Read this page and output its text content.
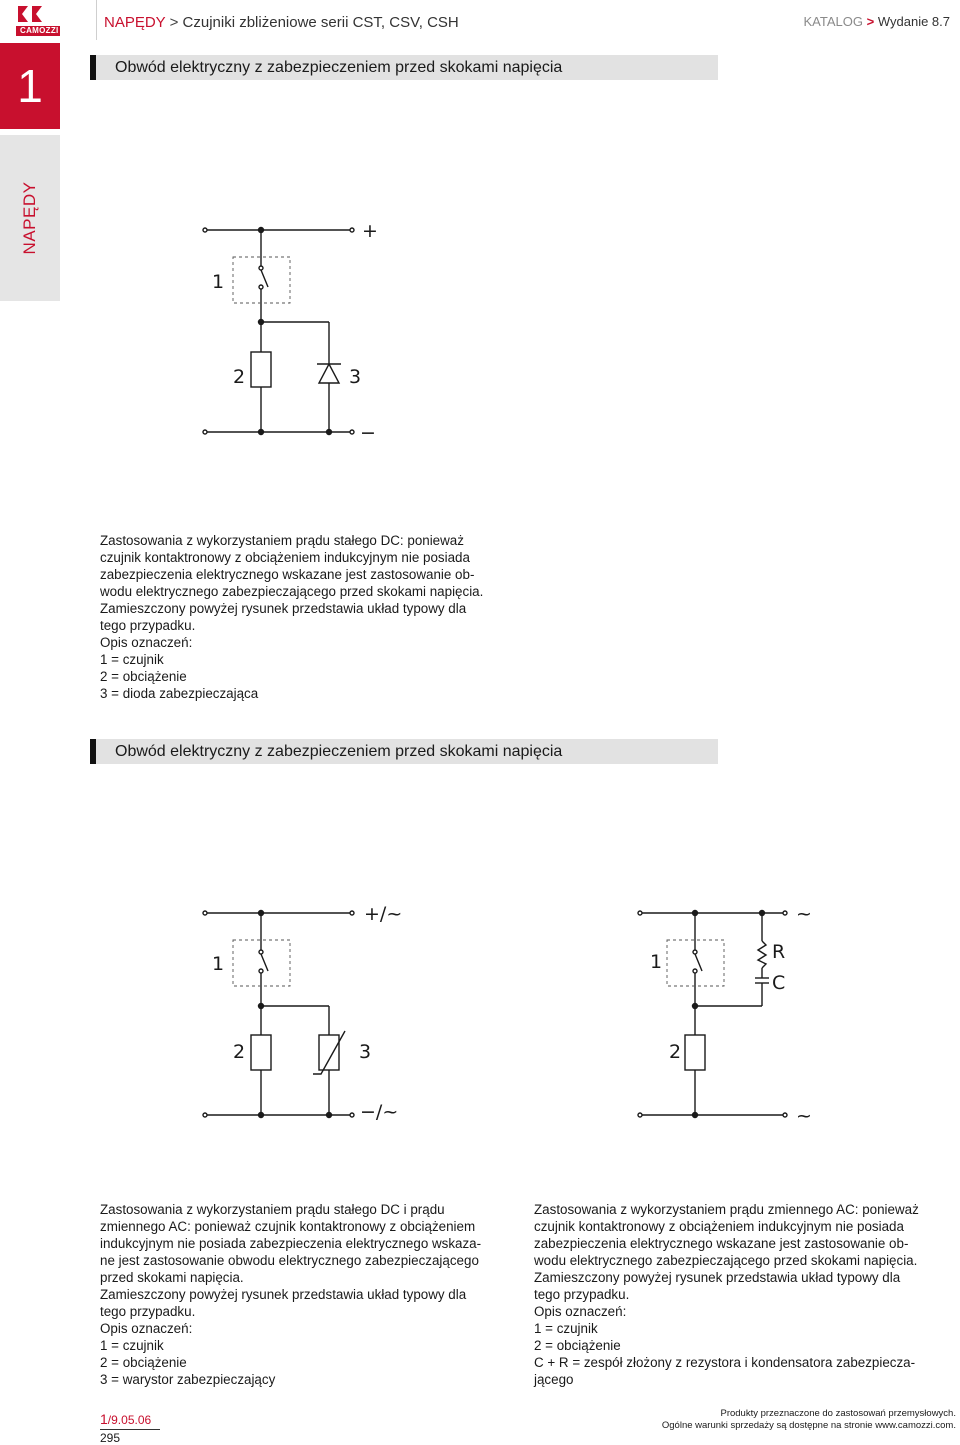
CAMOZZI	NAPĘDY > Czujniki zbliżeniowe serii CST, CSV, CSH	KATALOG > Wydanie 8.7
1
NAPĘDY
Obwód elektryczny z zabezpieczeniem przed skokami napięcia
1
2	3
+
−
1
2	3
+/~
−/~
1
2
R
C
~
~

Zastosowania z wykorzystaniem prądu stałego DC: ponieważ

czujnik kontaktronowy z obciążeniem indukcyjnym nie posiada

zabezpieczenia elektrycznego wskazane jest zastosowanie ob-

wodu elektrycznego zabezpieczającego przed skokami napięcia.

Zamieszczony powyżej rysunek przedstawia układ typowy dla

tego przypadku.

Opis oznaczeń:

1 = czujnik

2 = obciążenie

3 = dioda zabezpieczająca

Obwód elektryczny z zabezpieczeniem przed skokami napięcia

Zastosowania z wykorzystaniem prądu stałego DC i prądu

zmiennego AC: ponieważ czujnik kontaktronowy z obciążeniem

indukcyjnym nie posiada zabezpieczenia elektrycznego wskaza-

ne jest zastosowanie obwodu elektrycznego zabezpieczającego

przed skokami napięcia.

Zamieszczony powyżej rysunek przedstawia układ typowy dla

tego przypadku.

Opis oznaczeń:

1 = czujnik

2 = obciążenie

3 = warystor zabezpieczający

Zastosowania z wykorzystaniem prądu zmiennego AC: ponieważ

czujnik kontaktronowy z obciążeniem indukcyjnym nie posiada

zabezpieczenia elektrycznego wskazane jest zastosowanie ob-

wodu elektrycznego zabezpieczającego przed skokami napięcia.

Zamieszczony powyżej rysunek przedstawia układ typowy dla

tego przypadku.

Opis oznaczeń:

1 = czujnik

2 = obciążenie

C + R = zespół złożony z rezystora i kondensatora zabezpiecza-

jącego

1/9.05.06
295
Produkty przeznaczone do zastosowań przemysłowych.
Ogólne warunki sprzedaży są dostępne na stronie www.camozzi.com.
